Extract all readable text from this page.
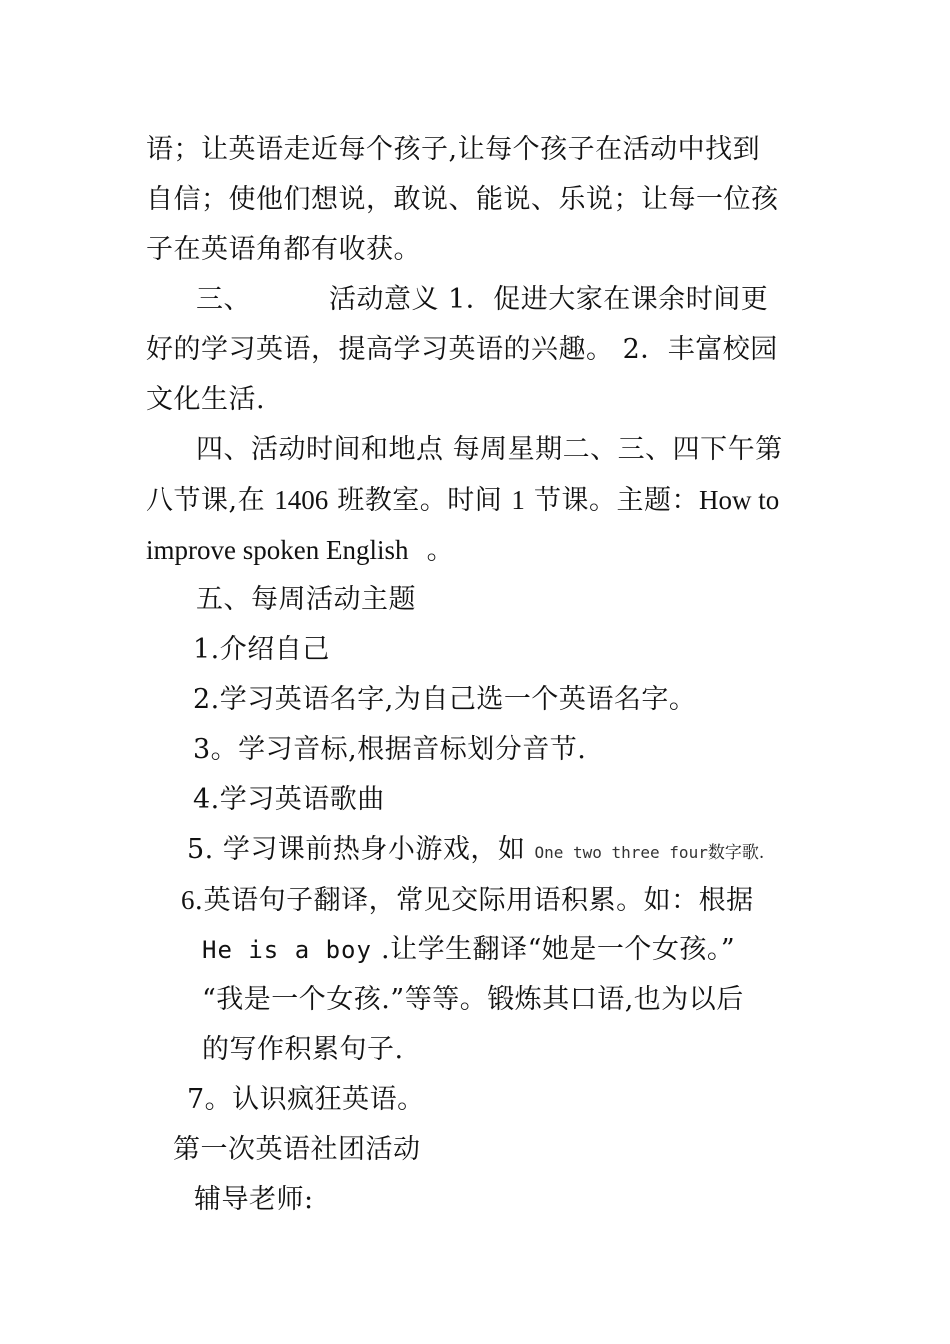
语；让英语走近每个孩子,让每个孩子在活动中找到
自信；使他们想说，敢说、能说、乐说；让每一位孩
子在英语角都有收获。
三、	活动意义 1．促进大家在课余时间更
好的学习英语，提高学习英语的兴趣。 2．丰富校园
文化生活.
四、活动时间和地点 每周星期二、三、四下午第
八节课,在 1406 班教室。时间 1 节课。主题：How to
improve spoken English 。
五、每周活动主题
1.介绍自己
2.学习英语名字,为自己选一个英语名字。
3。学习音标,根据音标划分音节.
4.学习英语歌曲
5. 学习课前热身小游戏，如 One two three four数字歌.
6.英语句子翻译，常见交际用语积累。如：根据
He is a boy .让学生翻译“她是一个女孩。”
“我是一个女孩.”等等。锻炼其口语,也为以后
的写作积累句子.
7。认识疯狂英语。
第一次英语社团活动
辅导老师:
